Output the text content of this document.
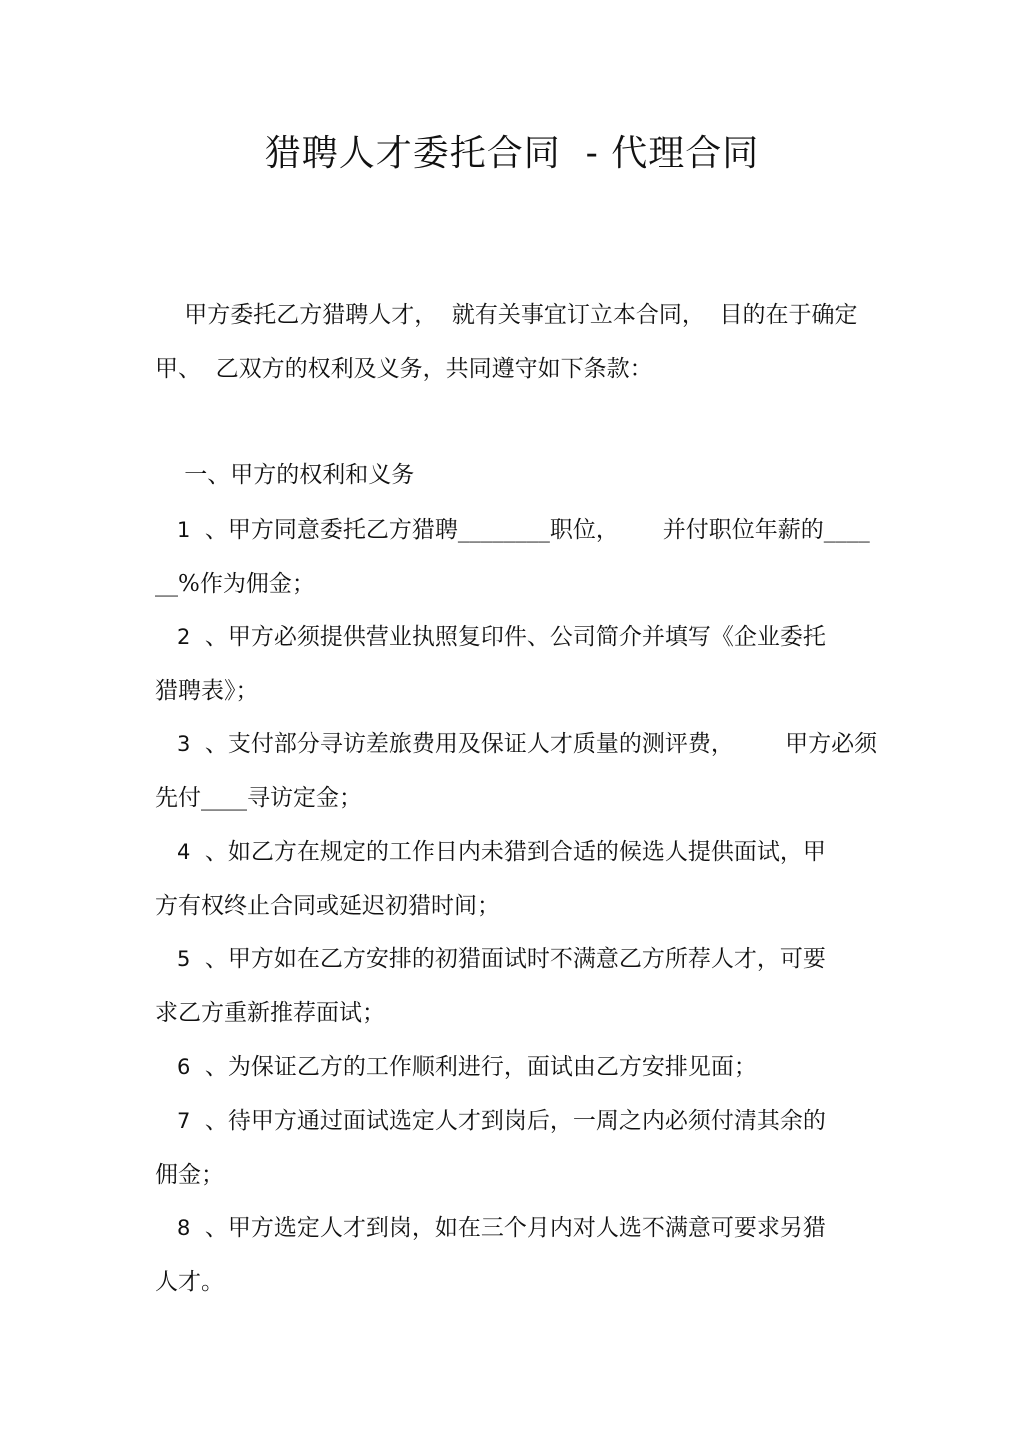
猎聘人才委托合同  - 代理合同
甲方委托乙方猎聘人才，  就有关事宜订立本合同，  目的在于确定
甲、  乙双方的权利及义务，共同遵守如下条款：
一、甲方的权利和义务
1  、甲方同意委托乙方猎聘________职位，      并付职位年薪的____
__%作为佣金；
2  、甲方必须提供营业执照复印件、公司简介并填写《企业委托
猎聘表》；
3  、支付部分寻访差旅费用及保证人才质量的测评费，       甲方必须
先付____寻访定金；
4  、如乙方在规定的工作日内未猎到合适的候选人提供面试，甲
方有权终止合同或延迟初猎时间；
5  、甲方如在乙方安排的初猎面试时不满意乙方所荐人才，可要
求乙方重新推荐面试；
6  、为保证乙方的工作顺利进行，面试由乙方安排见面；
7  、待甲方通过面试选定人才到岗后，一周之内必须付清其余的
佣金；
8  、甲方选定人才到岗，如在三个月内对人选不满意可要求另猎
人才。
